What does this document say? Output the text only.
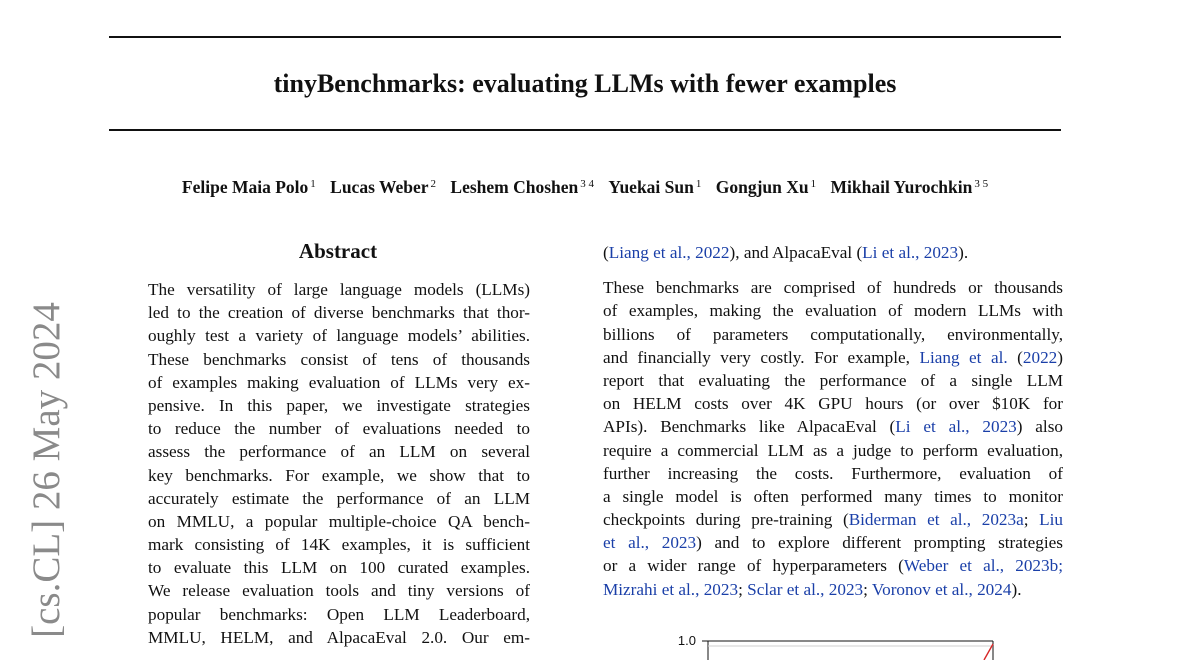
tinyBenchmarks: evaluating LLMs with fewer examples
Felipe Maia Polo $^1$ Lucas Weber $^2$ Leshem Choshen $^{3 4}$ Yuekai Sun $^1$ Gongjun Xu $^1$ Mikhail Yurochkin $^{3 5}$
[cs.CL] 26 May 2024
Abstract
The versatility of large language models (LLMs)
led to the creation of diverse benchmarks that thor-
oughly test a variety of language models’ abilities.
These benchmarks consist of tens of thousands
of examples making evaluation of LLMs very ex-
pensive. In this paper, we investigate strategies
to reduce the number of evaluations needed to
assess the performance of an LLM on several
key benchmarks. For example, we show that to
accurately estimate the performance of an LLM
on MMLU, a popular multiple-choice QA bench-
mark consisting of 14K examples, it is sufficient
to evaluate this LLM on 100 curated examples.
We release evaluation tools and tiny versions of
popular benchmarks: Open LLM Leaderboard,
MMLU, HELM, and AlpacaEval 2.0. Our em-
(Liang et al., 2022), and AlpacaEval (Li et al., 2023).
These benchmarks are comprised of hundreds or thousands
of examples, making the evaluation of modern LLMs with
billions of parameters computationally, environmentally,
and financially very costly. For example, Liang et al. (2022)
report that evaluating the performance of a single LLM
on HELM costs over 4K GPU hours (or over $10K for
APIs). Benchmarks like AlpacaEval (Li et al., 2023) also
require a commercial LLM as a judge to perform evaluation,
further increasing the costs. Furthermore, evaluation of
a single model is often performed many times to monitor
checkpoints during pre-training (Biderman et al., 2023a; Liu
et al., 2023) and to explore different prompting strategies
or a wider range of hyperparameters (Weber et al., 2023b;
Mizrahi et al., 2023; Sclar et al., 2023; Voronov et al., 2024).
1.0
